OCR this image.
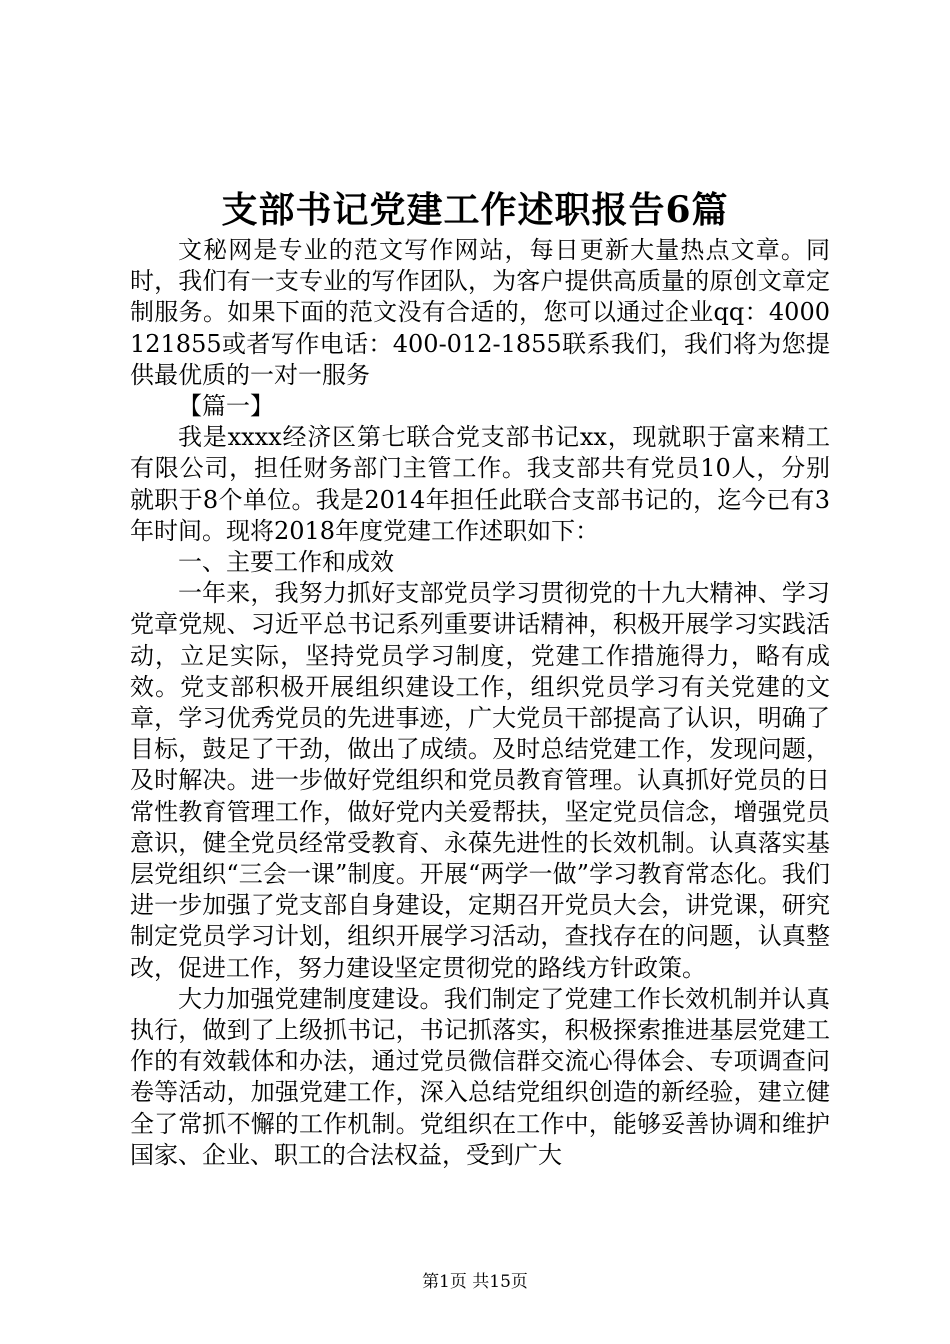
支部书记党建工作述职报告6篇

文秘网是专业的范文写作网站，每日更新大量热点文章。同时，我们有一支专业的写作团队，为客户提供高质量的原创文章定制服务。如果下面的范文没有合适的，您可以通过企业qq：4000121855或者写作电话：400-012-1855联系我们，我们将为您提供最优质的一对一服务

【篇一】

我是xxxx经济区第七联合党支部书记xx，现就职于富来精工有限公司，担任财务部门主管工作。我支部共有党员10人，分别就职于8个单位。我是2014年担任此联合支部书记的，迄今已有3年时间。现将2018年度党建工作述职如下：

一、主要工作和成效

一年来，我努力抓好支部党员学习贯彻党的十九大精神、学习党章党规、习近平总书记系列重要讲话精神，积极开展学习实践活动，立足实际，坚持党员学习制度，党建工作措施得力，略有成效。党支部积极开展组织建设工作，组织党员学习有关党建的文章，学习优秀党员的先进事迹，广大党员干部提高了认识，明确了目标，鼓足了干劲，做出了成绩。及时总结党建工作，发现问题，及时解决。进一步做好党组织和党员教育管理。认真抓好党员的日常性教育管理工作，做好党内关爱帮扶，坚定党员信念，增强党员意识，健全党员经常受教育、永葆先进性的长效机制。认真落实基层党组织“三会一课”制度。开展“两学一做”学习教育常态化。我们进一步加强了党支部自身建设，定期召开党员大会，讲党课，研究制定党员学习计划，组织开展学习活动，查找存在的问题，认真整改，促进工作，努力建设坚定贯彻党的路线方针政策。

大力加强党建制度建设。我们制定了党建工作长效机制并认真执行，做到了上级抓书记，书记抓落实，积极探索推进基层党建工作的有效载体和办法，通过党员微信群交流心得体会、专项调查问卷等活动，加强党建工作，深入总结党组织创造的新经验，建立健全了常抓不懈的工作机制。党组织在工作中，能够妥善协调和维护国家、企业、职工的合法权益，受到广大

第1页 共15页
